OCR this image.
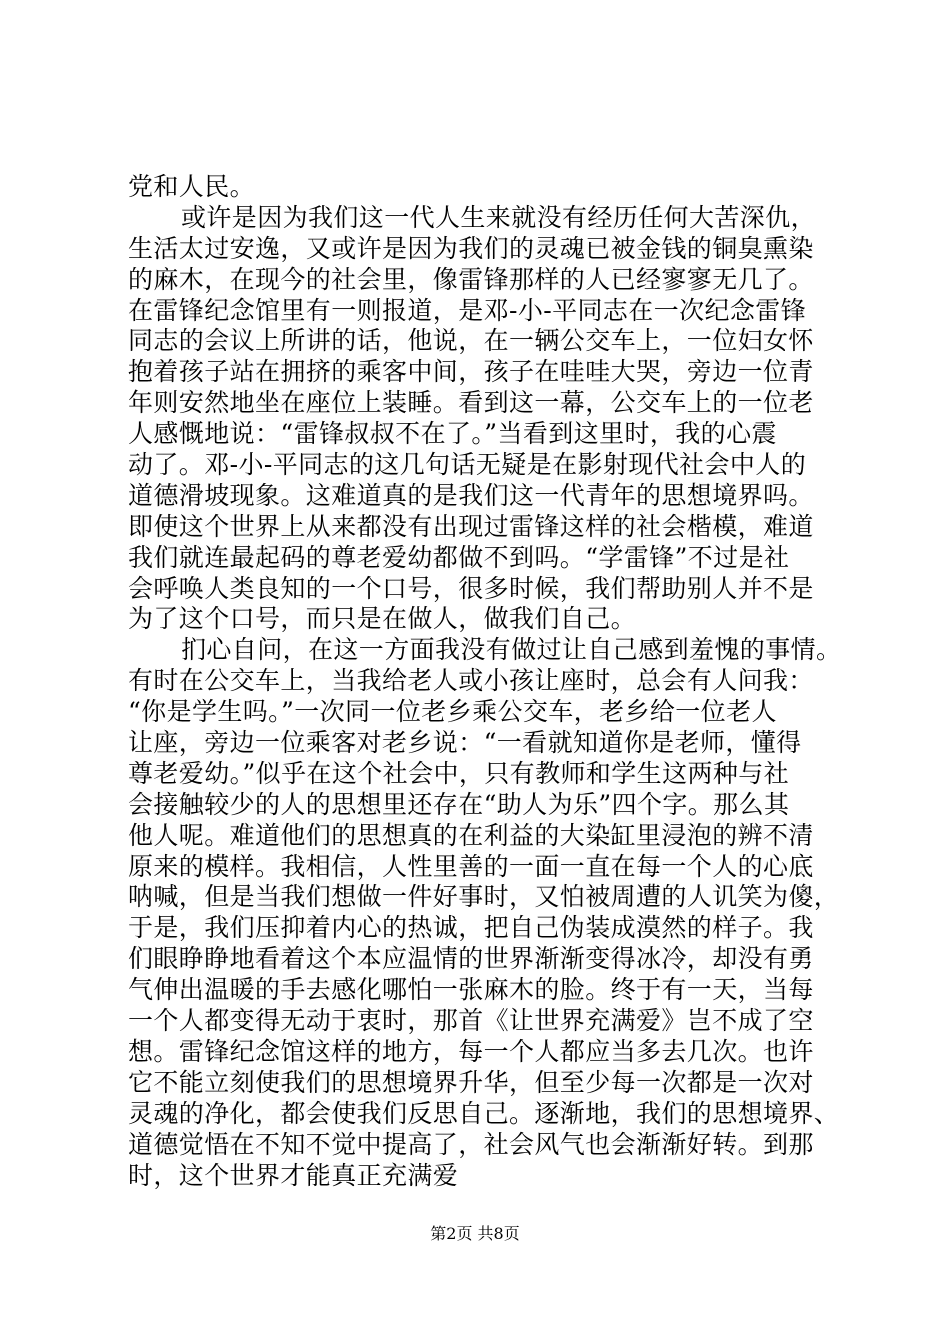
党和人民。
或许是因为我们这一代人生来就没有经历任何大苦深仇，
生活太过安逸，又或许是因为我们的灵魂已被金钱的铜臭熏染
的麻木，在现今的社会里，像雷锋那样的人已经寥寥无几了。
在雷锋纪念馆里有一则报道，是邓-小-平同志在一次纪念雷锋
同志的会议上所讲的话，他说，在一辆公交车上，一位妇女怀
抱着孩子站在拥挤的乘客中间，孩子在哇哇大哭，旁边一位青
年则安然地坐在座位上装睡。看到这一幕，公交车上的一位老
人感慨地说：“雷锋叔叔不在了。”当看到这里时，我的心震
动了。邓-小-平同志的这几句话无疑是在影射现代社会中人的
道德滑坡现象。这难道真的是我们这一代青年的思想境界吗。
即使这个世界上从来都没有出现过雷锋这样的社会楷模，难道
我们就连最起码的尊老爱幼都做不到吗。“学雷锋”不过是社
会呼唤人类良知的一个口号，很多时候，我们帮助别人并不是
为了这个口号，而只是在做人，做我们自己。
扪心自问，在这一方面我没有做过让自己感到羞愧的事情。
有时在公交车上，当我给老人或小孩让座时，总会有人问我：
“你是学生吗。”一次同一位老乡乘公交车，老乡给一位老人
让座，旁边一位乘客对老乡说：“一看就知道你是老师，懂得
尊老爱幼。”似乎在这个社会中，只有教师和学生这两种与社
会接触较少的人的思想里还存在“助人为乐”四个字。那么其
他人呢。难道他们的思想真的在利益的大染缸里浸泡的辨不清
原来的模样。我相信，人性里善的一面一直在每一个人的心底
呐喊，但是当我们想做一件好事时，又怕被周遭的人讥笑为傻，
于是，我们压抑着内心的热诚，把自己伪装成漠然的样子。我
们眼睁睁地看着这个本应温情的世界渐渐变得冰冷，却没有勇
气伸出温暖的手去感化哪怕一张麻木的脸。终于有一天，当每
一个人都变得无动于衷时，那首《让世界充满爱》岂不成了空
想。雷锋纪念馆这样的地方，每一个人都应当多去几次。也许
它不能立刻使我们的思想境界升华，但至少每一次都是一次对
灵魂的净化，都会使我们反思自己。逐渐地，我们的思想境界、
道德觉悟在不知不觉中提高了，社会风气也会渐渐好转。到那
时，这个世界才能真正充满爱
第2页 共8页
